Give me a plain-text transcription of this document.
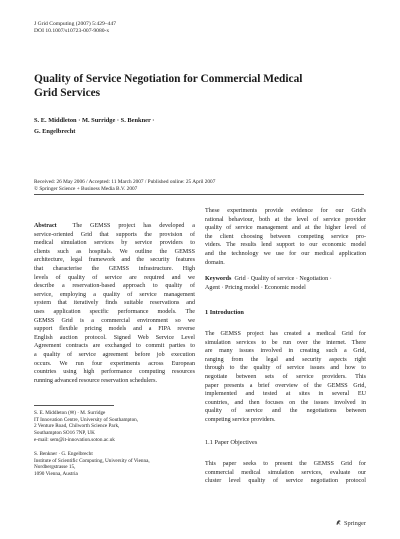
J Grid Computing (2007) 5:429–447
DOI 10.1007/s10723-007-9080-x
Quality of Service Negotiation for Commercial Medical
Grid Services
S. E. Middleton · M. Surridge · S. Benkner ·
G. Engelbrecht
Received: 26 May 2006 / Accepted: 11 March 2007 / Published online: 25 April 2007
© Springer Science + Business Media B.V. 2007
Abstract	The GEMSS project has developed a
service-oriented Grid that supports the provision of
medical simulation services by service providers to
clients such as hospitals. We outline the GEMSS
architecture, legal framework and the security features
that characterise the GEMSS infrastructure. High
levels of quality of service are required and we
describe a reservation-based approach to quality of
service, employing a quality of service management
system that iteratively finds suitable reservations and
uses application specific performance models. The
GEMSS Grid is a commercial environment so we
support flexible pricing models and a FIPA reverse
English auction protocol. Signed Web Service Level
Agreement contracts are exchanged to commit parties to
a quality of service agreement before job execution
occurs. We run four experiments across European
countries using high performance computing resources
running advanced resource reservation schedulers.
S. E. Middleton (✉) · M. Surridge
IT Innovation Centre, University of Southampton,
2 Venture Road, Chilworth Science Park,
Southampton SO16 7NP, UK
e-mail: sem@it-innovation.soton.ac.uk
S. Benkner · G. Engelbrecht
Institute of Scientific Computing, University of Vienna,
Nordbergstrasse 15,
1090 Vienna, Austria
These experiments provide evidence for our Grid's
rational behaviour, both at the level of service provider
quality of service management and at the higher level of
the client choosing between competing service pro-
viders. The results lend support to our economic model
and the technology we use for our medical application
domain.
Keywords Grid · Quality of service · Negotiation ·
Agent · Pricing model · Economic model
1 Introduction
The GEMSS project has created a medical Grid for
simulation services to be run over the internet. There
are many issues involved in creating such a Grid,
ranging from the legal and security aspects right
through to the quality of service issues and how to
negotiate between sets of service providers. This
paper presents a brief overview of the GEMSS Grid,
implemented and tested at sites in several EU
countries, and then focuses on the issues involved in
quality of service and the negotiations between
competing service providers.
1.1 Paper Objectives
This paper seeks to present the GEMSS Grid for
commercial medical simulation services, evaluate our
cluster level quality of service negotiation protocol
Springer
